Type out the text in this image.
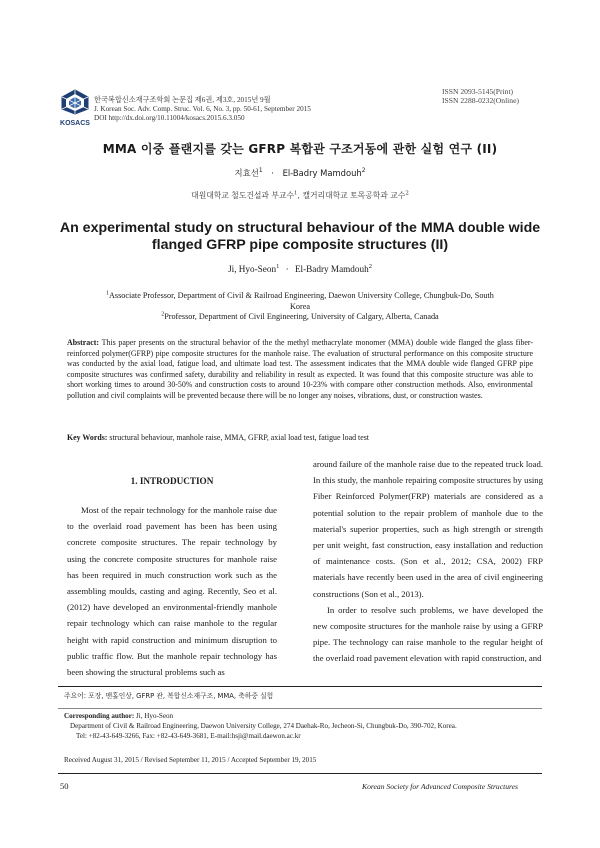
KOSACS
한국복합신소재구조학회 논문집 제6권, 제3호, 2015년 9월
J. Korean Soc. Adv. Comp. Struc. Vol. 6, No. 3, pp. 50-61, September 2015
DOI http://dx.doi.org/10.11004/kosacs.2015.6.3.050
ISSN 2093-5145(Print)
ISSN 2288-0232(Online)
MMA 이중 플랜지를 갖는 GFRP 복합관 구조거동에 관한 실험 연구 (II)
지효선$^1$ · El-Badry Mamdouh$^2$
대원대학교 철도건설과 부교수$^1$, 캘거리대학교 토목공학과 교수$^2$
An experimental study on structural behaviour of the MMA double wide
flanged GFRP pipe composite structures (II)
Ji, Hyo-Seon$^1$ · El-Badry Mamdouh$^2$
$^1$Associate Professor, Department of Civil & Railroad Engineering, Daewon University College, Chungbuk-Do, South
Korea
$^2$Professor, Department of Civil Engineering, University of Calgary, Alberta, Canada
Abstract: This paper presents on the structural behavior of the the methyl methacrylate monomer (MMA) double wide flanged the glass fiber-reinforced polymer(GFRP) pipe composite structures for the manhole raise. The evaluation of structural performance on this composite structure was conducted by the axial load, fatigue load, and ultimate load test. The assessment indicates that the MMA double wide flanged GFRP pipe composite structures was confirmed safety, durability and reliability in result as expected. It was found that this composite structure was able to short working times to around 30-50% and construction costs to around 10-23% with compare other construction methods. Also, environmental pollution and civil complaints will be prevented because there will be no longer any noises, vibrations, dust, or construction wastes.
Key Words: structural behaviour, manhole raise, MMA, GFRP, axial load test, fatigue load test
1. INTRODUCTION

Most of the repair technology for the manhole raise due to the overlaid road pavement has been has been using concrete composite structures. The repair technology by using the concrete composite structures for manhole raise has been required in much construction work such as the assembling moulds, casting and aging. Recently, Seo et al. (2012) have developed an environmental-friendly manhole repair technology which can raise manhole to the regular height with rapid construction and minimum disruption to public traffic flow. But the manhole repair technology has been showing the structural problems such as

around failure of the manhole raise due to the repeated truck load. In this study, the manhole repairing composite structures by using Fiber Reinforced Polymer(FRP) materials are considered as a potential solution to the repair problem of manhole due to the material's superior properties, such as high strength or strength per unit weight, fast construction, easy installation and reduction of maintenance costs. (Son et al., 2012; CSA, 2002) FRP materials have recently been used in the area of civil engineering constructions (Son et al., 2013).

In order to resolve such problems, we have developed the new composite structures for the manhole raise by using a GFRP pipe. The technology can raise manhole to the regular height of the overlaid road pavement elevation with rapid construction, and

주요어: 포장, 맨홀인상, GFRP 관, 복합신소재구조, MMA, 축하중 실험
Corresponding author: Ji, Hyo-Seon
Department of Civil & Railroad Engineering, Daewon University College, 274 Daehak-Ro, Jecheon-Si, Chungbuk-Do, 390-702, Korea.
Tel: +82-43-649-3266, Fax: +82-43-649-3681, E-mail:hsji@mail.daewon.ac.kr
Received August 31, 2015 / Revised September 11, 2015 / Accepted September 19, 2015
50	Korean Society for Advanced Composite Structures
